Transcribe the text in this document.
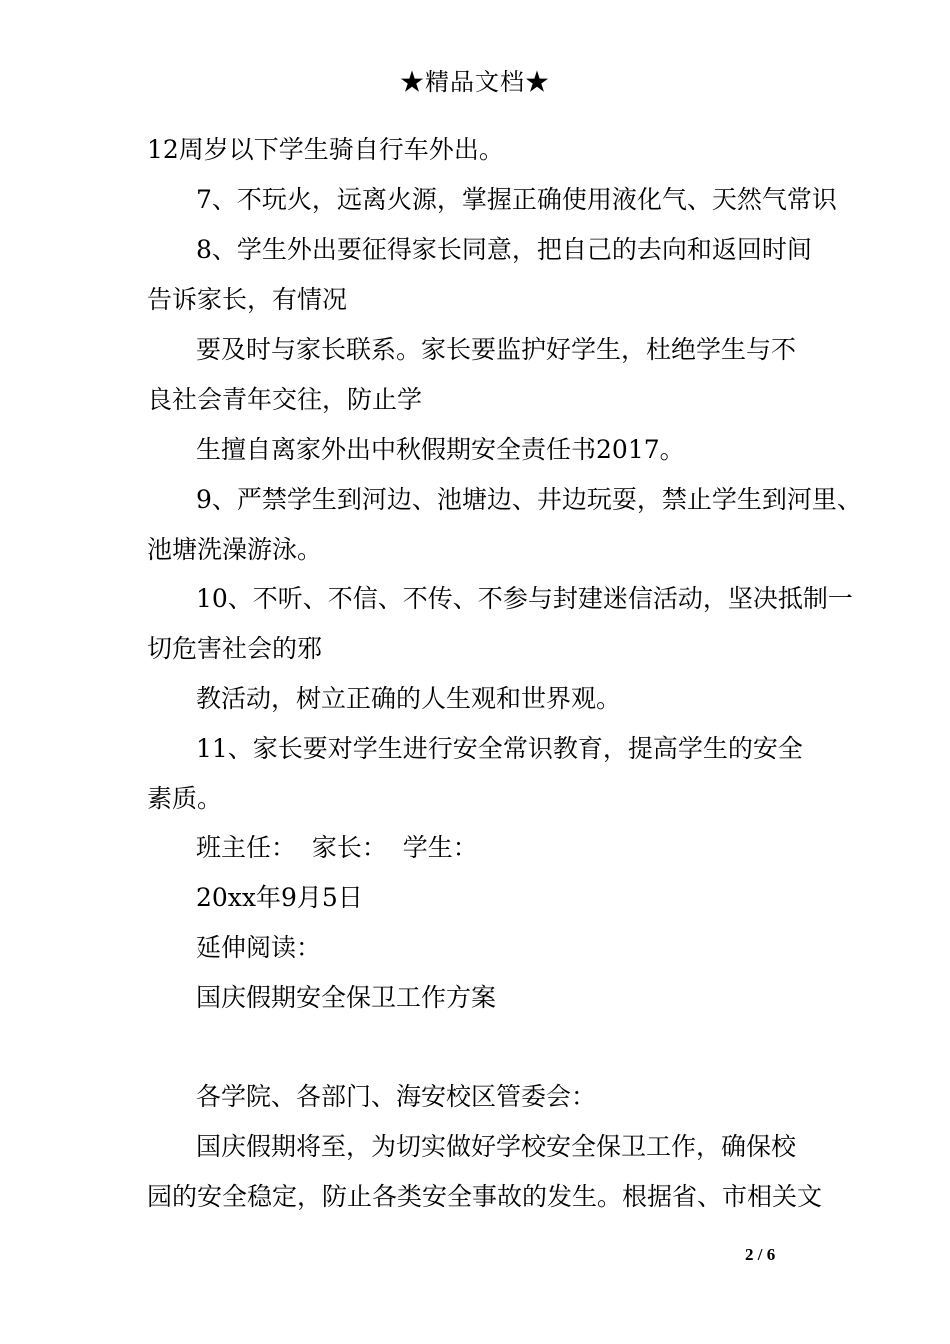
★精品文档★
12周岁以下学生骑自行车外出。
7、不玩火，远离火源，掌握正确使用液化气、天然气常识
8、学生外出要征得家长同意，把自己的去向和返回时间
告诉家长，有情况
要及时与家长联系。家长要监护好学生，杜绝学生与不
良社会青年交往，防止学
生擅自离家外出中秋假期安全责任书2017。
9、严禁学生到河边、池塘边、井边玩耍，禁止学生到河里、
池塘洗澡游泳。
10、不听、不信、不传、不参与封建迷信活动，坚决抵制一
切危害社会的邪
教活动，树立正确的人生观和世界观。
11、家长要对学生进行安全常识教育，提高学生的安全
素质。
班主任：  家长：  学生：
20xx年9月5日
延伸阅读：
国庆假期安全保卫工作方案
各学院、各部门、海安校区管委会：
国庆假期将至，为切实做好学校安全保卫工作，确保校
园的安全稳定，防止各类安全事故的发生。根据省、市相关文
2 / 6
